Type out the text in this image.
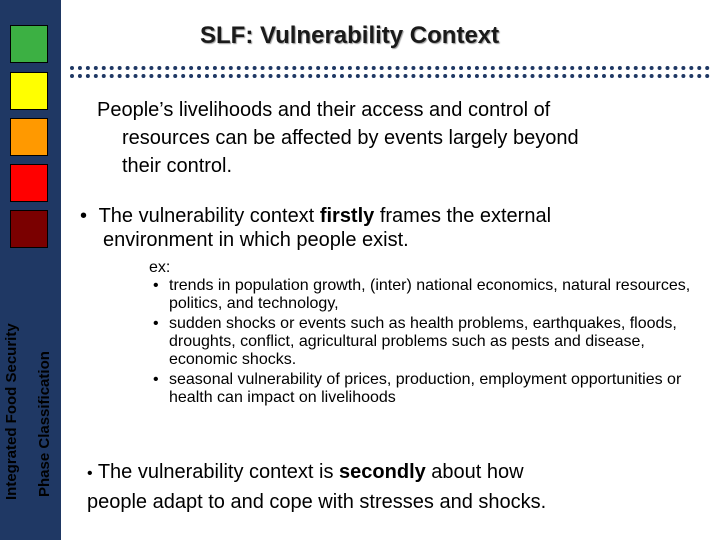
Integrated Food Security Phase Classification
SLF: Vulnerability Context
People’s livelihoods and their access and control of
resources can be affected by events largely beyond
their control.
• The vulnerability context firstly frames the external
environment in which people exist.
ex:
• trends in population growth, (inter) national economics, natural resources, politics, and technology,
• sudden shocks or events such as health problems, earthquakes, floods, droughts, conflict, agricultural problems such as pests and disease, economic shocks.
• seasonal vulnerability of prices, production, employment opportunities or health can impact on livelihoods
• The vulnerability context is secondly about how
people adapt to and cope with stresses and shocks.
